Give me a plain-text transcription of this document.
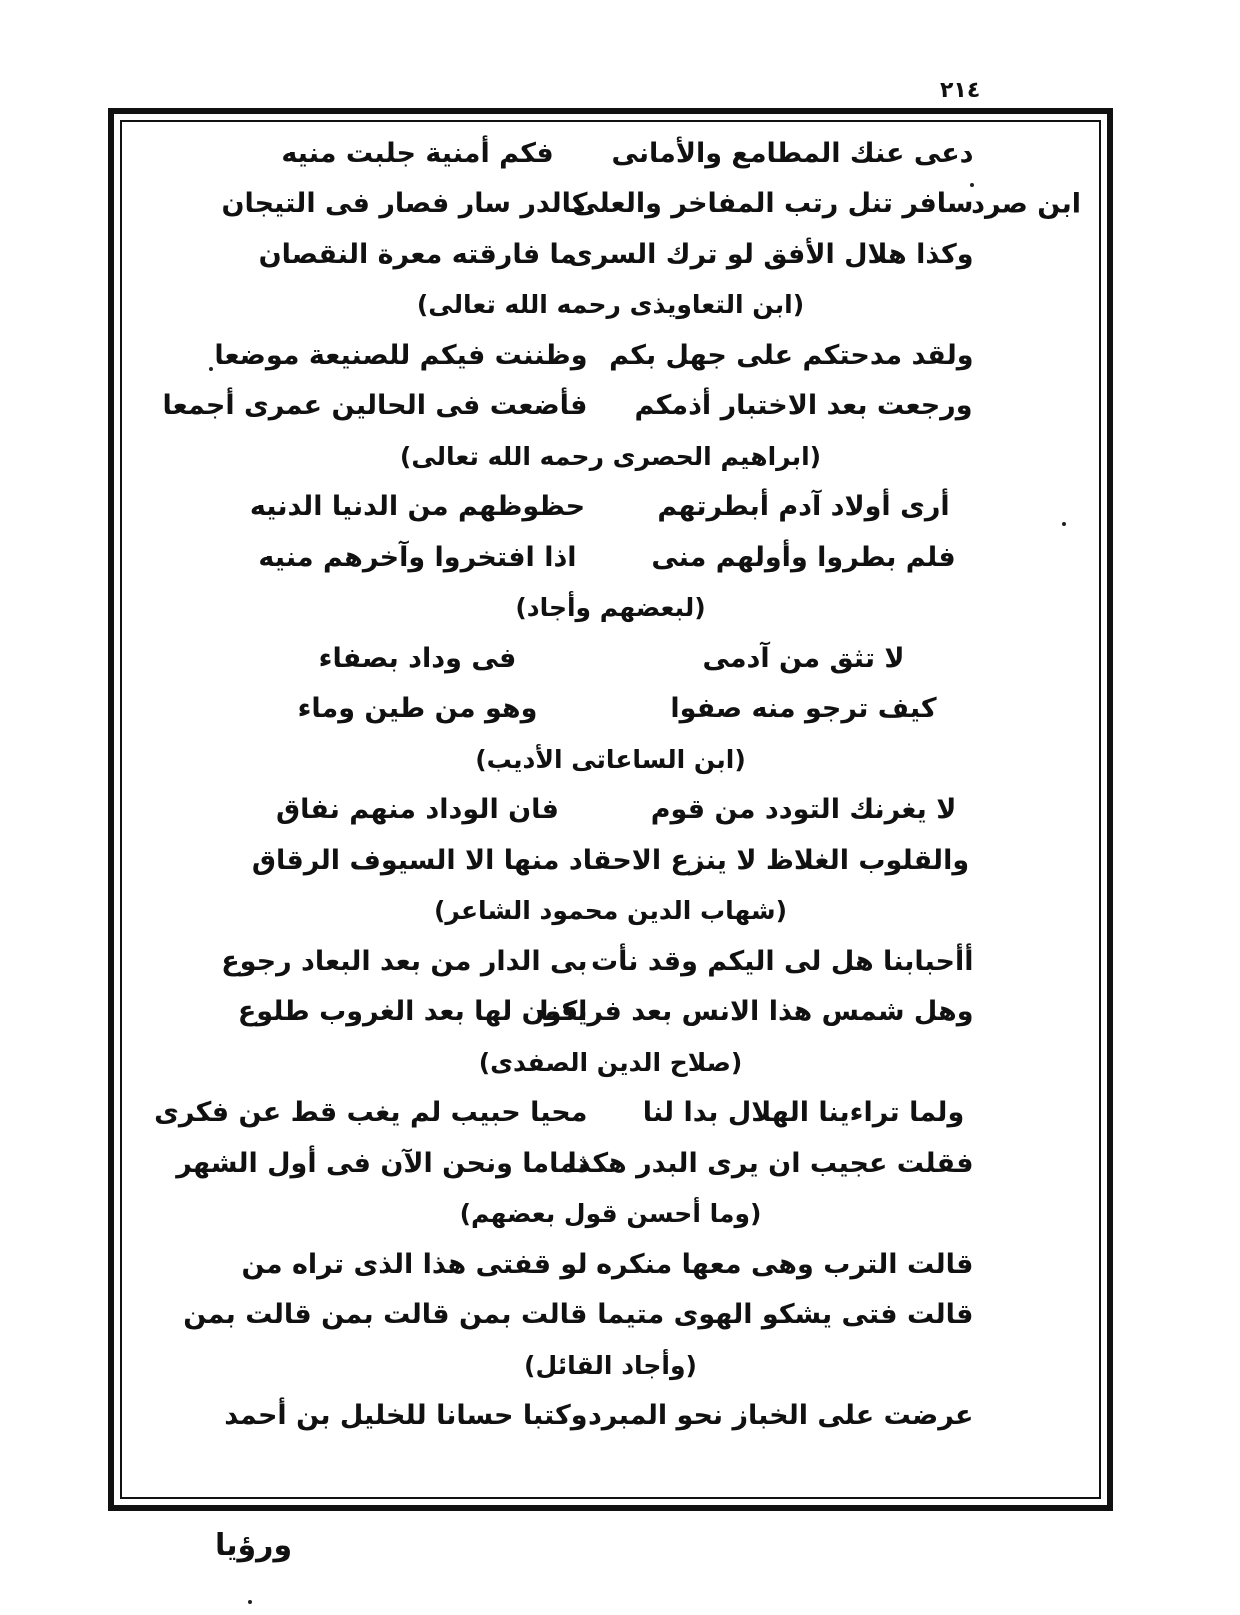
٢١٤
دعى عنك المطامع والأمانى
فكم أمنية جلبت منيه
سافر تنل رتب المفاخر والعلى
كالدر سار فصار فى التيجان	ابن صرد
وكذا هلال الأفق لو ترك السرى
ما فارقته معرة النقصان
(ابن التعاويذى رحمه الله تعالى)
ولقد مدحتكم على جهل بكم
وظننت فيكم للصنيعة موضعا
ورجعت بعد الاختبار أذمكم
فأضعت فى الحالين عمرى أجمعا
(ابراهيم الحصرى رحمه الله تعالى)
أرى أولاد آدم أبطرتهم
حظوظهم من الدنيا الدنيه
فلم بطروا وأولهم منى
اذا افتخروا وآخرهم منيه
(لبعضهم وأجاد)
لا تثق من آدمى
فى وداد بصفاء
كيف ترجو منه صفوا
وهو من طين وماء
(ابن الساعاتى الأديب)
لا يغرنك التودد من قوم
فان الوداد منهم نفاق
والقلوب الغلاظ لا ينزع الاحقاد منها الا السيوف الرقاق
(شهاب الدين محمود الشاعر)
أأحبابنا هل لى اليكم وقد نأت
بى الدار من بعد البعاد رجوع
وهل شمس هذا الانس بعد فراقنا
يكون لها بعد الغروب طلوع
(صلاح الدين الصفدى)
ولما تراءينا الهلال بدا لنا
محيا حبيب لم يغب قط عن فكرى
فقلت عجيب ان يرى البدر هكذا
تماما ونحن الآن فى أول الشهر
(وما أحسن قول بعضهم)
قالت الترب وهى معها منكره
لو قفتى هذا الذى تراه من
قالت فتى يشكو الهوى متيما
قالت بمن قالت بمن قالت بمن
(وأجاد القائل)
عرضت على الخباز نحو المبرد
وكتبا حسانا للخليل بن أحمد
ورؤيا
